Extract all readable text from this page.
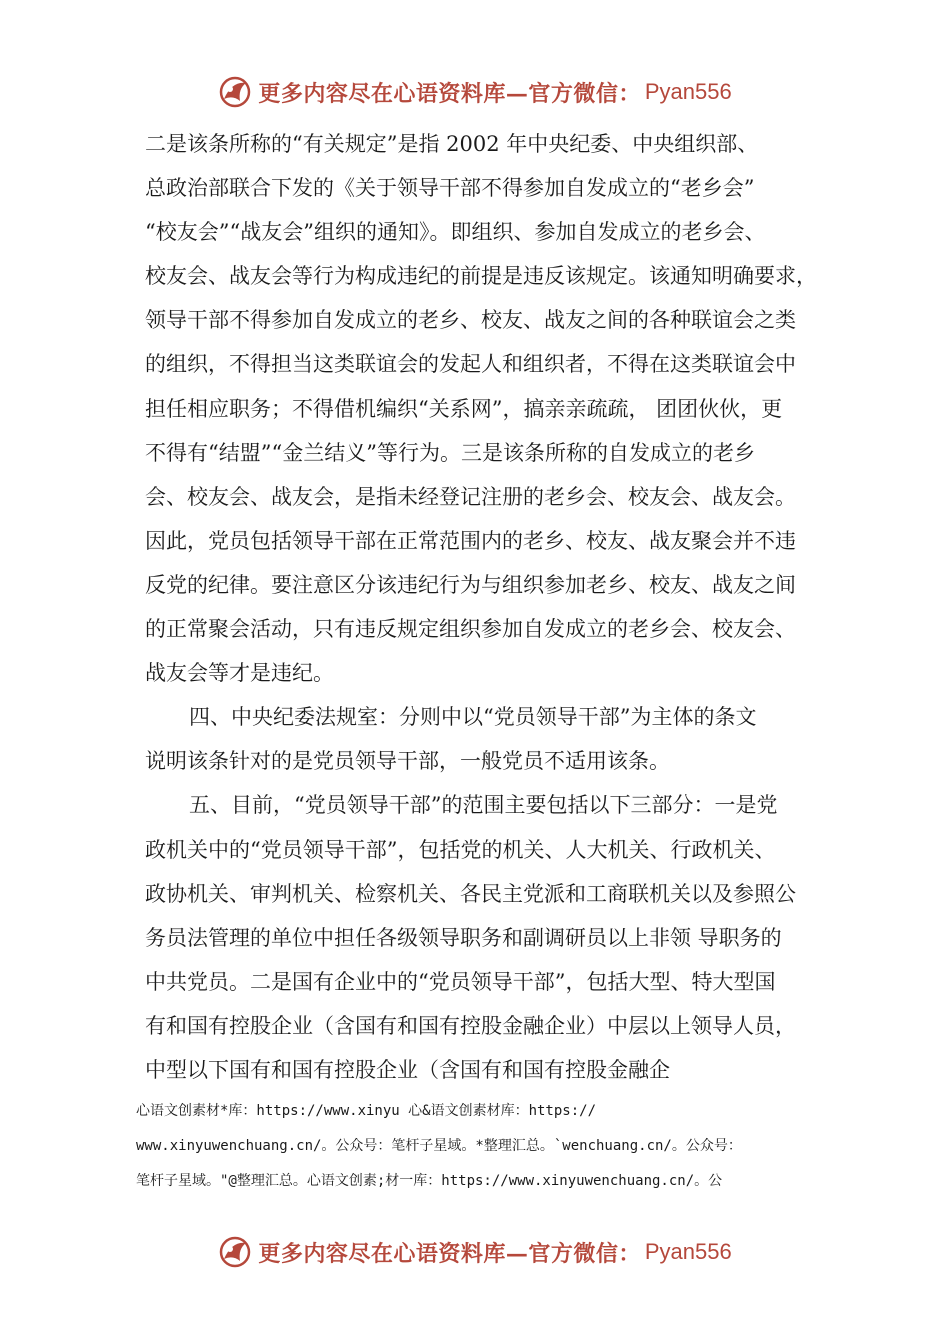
更多内容尽在心语资料库—官方微信： Pyan556
二是该条所称的“有关规定”是指 2002 年中央纪委、中央组织部、
总政治部联合下发的《关于领导干部不得参加自发成立的“老乡会”
“校友会”“战友会”组织的通知》。即组织、参加自发成立的老乡会、
校友会、战友会等行为构成违纪的前提是违反该规定。该通知明确要求，
领导干部不得参加自发成立的老乡、校友、战友之间的各种联谊会之类
的组织，不得担当这类联谊会的发起人和组织者，不得在这类联谊会中
担任相应职务；不得借机编织“关系网”，搞亲亲疏疏， 团团伙伙，更
不得有“结盟”“金兰结义”等行为。三是该条所称的自发成立的老乡
会、校友会、战友会，是指未经登记注册的老乡会、校友会、战友会。
因此，党员包括领导干部在正常范围内的老乡、校友、战友聚会并不违
反党的纪律。要注意区分该违纪行为与组织参加老乡、校友、战友之间
的正常聚会活动，只有违反规定组织参加自发成立的老乡会、校友会、
战友会等才是违纪。
四、中央纪委法规室：分则中以“党员领导干部”为主体的条文
说明该条针对的是党员领导干部，一般党员不适用该条。
五、目前，“党员领导干部”的范围主要包括以下三部分：一是党
政机关中的“党员领导干部”，包括党的机关、人大机关、行政机关、
政协机关、审判机关、检察机关、各民主党派和工商联机关以及参照公
务员法管理的单位中担任各级领导职务和副调研员以上非领 导职务的
中共党员。二是国有企业中的“党员领导干部”，包括大型、特大型国
有和国有控股企业（含国有和国有控股金融企业）中层以上领导人员，
中型以下国有和国有控股企业（含国有和国有控股金融企
心语文创素材*库：https://www.xinyu 心&语文创素材库：https://
www.xinyuwenchuang.cn/。公众号：笔杆子星域。*整理汇总。`wenchuang.cn/。公众号：
笔杆子星域。"@整理汇总。心语文创素;材一库：https://www.xinyuwenchuang.cn/。公
更多内容尽在心语资料库—官方微信： Pyan556
